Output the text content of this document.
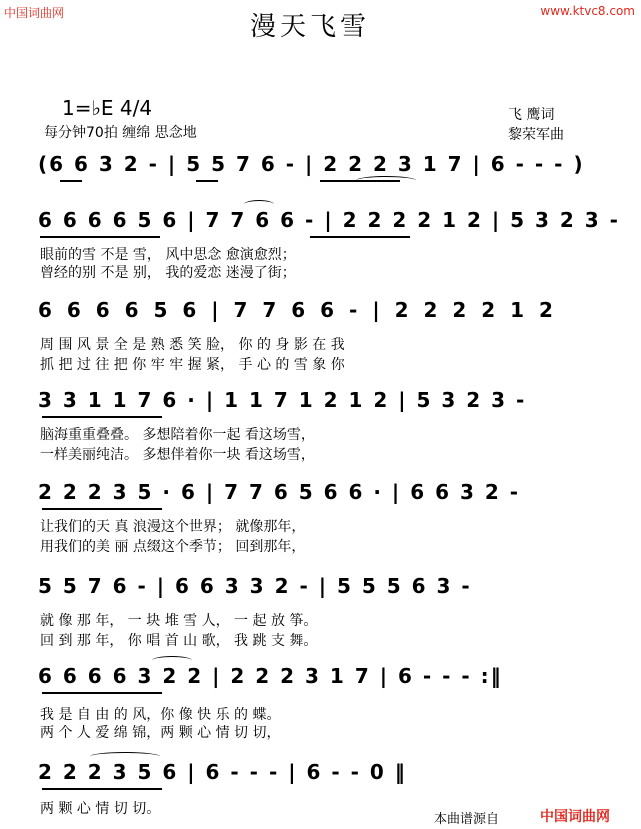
中国词曲网	www.ktvc8.com
漫天飞雪
1=♭E 4/4
每分钟70拍 缠绵 思念地
飞 鹰词
黎荣军曲
(6 6 3 2 - | 5 5 7 6 - | 2 2 2 3 1 7 | 6 - - - )
6 6 6 6 5 6 | 7 7 6 6 - | 2 2 2 2 1 2 | 5 3 2 3 -
6 6 6 6 5 6 | 7 7 6 6 - | 2 2 2 2 1 2
3 3 1 1 7 6 · | 1 1 7 1 2 1 2 | 5 3 2 3 -
2 2 2 3 5 · 6 | 7 7 6 5 6 6 · | 6 6 3 2 -
5 5 7 6 - | 6 6 3 3 2 - | 5 5 5 6 3 -
6 6 6 6 3 2 2 | 2 2 2 3 1 7 | 6 - - - :‖
2 2 2 3 5 6 | 6 - - - | 6 - - 0 ‖
眼前的雪 不是 雪， 风中思念 愈演愈烈；
曾经的别 不是 别， 我的爱恋 迷漫了街；
周 围 风 景 全 是 熟 悉 笑 脸， 你 的 身 影 在 我
抓 把 过 往 把 你 牢 牢 握 紧， 手 心 的 雪 象 你
脑海重重叠叠。 多想陪着你一起 看这场雪，
一样美丽纯洁。 多想伴着你一块 看这场雪，
让我们的天 真 浪漫这个世界； 就像那年，
用我们的美 丽 点缀这个季节； 回到那年，
就 像 那 年， 一 块 堆 雪 人， 一 起 放 筝。
回 到 那 年， 你 唱 首 山 歌， 我 跳 支 舞。
我 是 自 由 的 风，你 像 快 乐 的 蝶。
两 个 人 爱 绵 锦，两 颗 心 情 切 切，
两 颗 心 情 切 切。
本曲谱源自	中国词曲网
